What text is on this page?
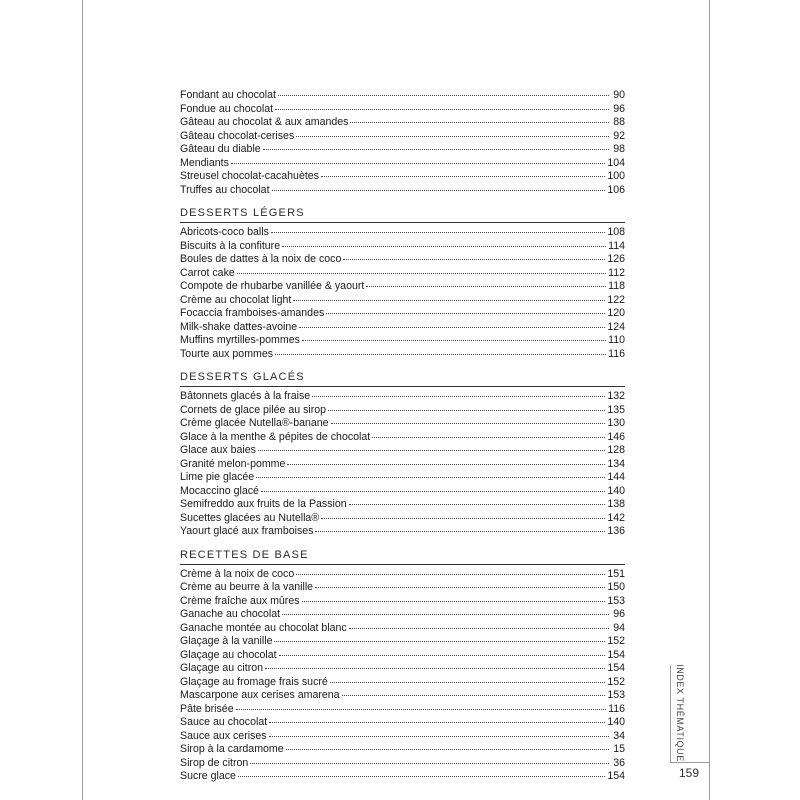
Fondant au chocolat	90
Fondue au chocolat	96
Gâteau au chocolat & aux amandes	88
Gâteau chocolat-cerises	92
Gâteau du diable	98
Mendiants	104
Streusel chocolat-cacahuètes	100
Truffes au chocolat	106
DESSERTS LÉGERS
Abricots-coco balls	108
Biscuits à la confiture	114
Boules de dattes à la noix de coco	126
Carrot cake	112
Compote de rhubarbe vanillée & yaourt	118
Crème au chocolat light	122
Focaccia framboises-amandes	120
Milk-shake dattes-avoine	124
Muffins myrtilles-pommes	110
Tourte aux pommes	116
DESSERTS GLACÉS
Bâtonnets glacés à la fraise	132
Cornets de glace pilée au sirop	135
Crème glacée Nutella®-banane	130
Glace à la menthe & pépites de chocolat	146
Glace aux baies	128
Granité melon-pomme	134
Lime pie glacée	144
Mocaccino glacé	140
Semifreddo aux fruits de la Passion	138
Sucettes glacées au Nutella®	142
Yaourt glacé aux framboises	136
RECETTES DE BASE
Crème à la noix de coco	151
Crème au beurre à la vanille	150
Crème fraîche aux mûres	153
Ganache au chocolat	96
Ganache montée au chocolat blanc	94
Glaçage à la vanille	152
Glaçage au chocolat	154
Glaçage au citron	154
Glaçage au fromage frais sucré	152
Mascarpone aux cerises amarena	153
Pâte brisée	116
Sauce au chocolat	140
Sauce aux cerises	34
Sirop à la cardamome	15
Sirop de citron	36
Sucre glace	154
INDEX THÉMATIQUE
159
